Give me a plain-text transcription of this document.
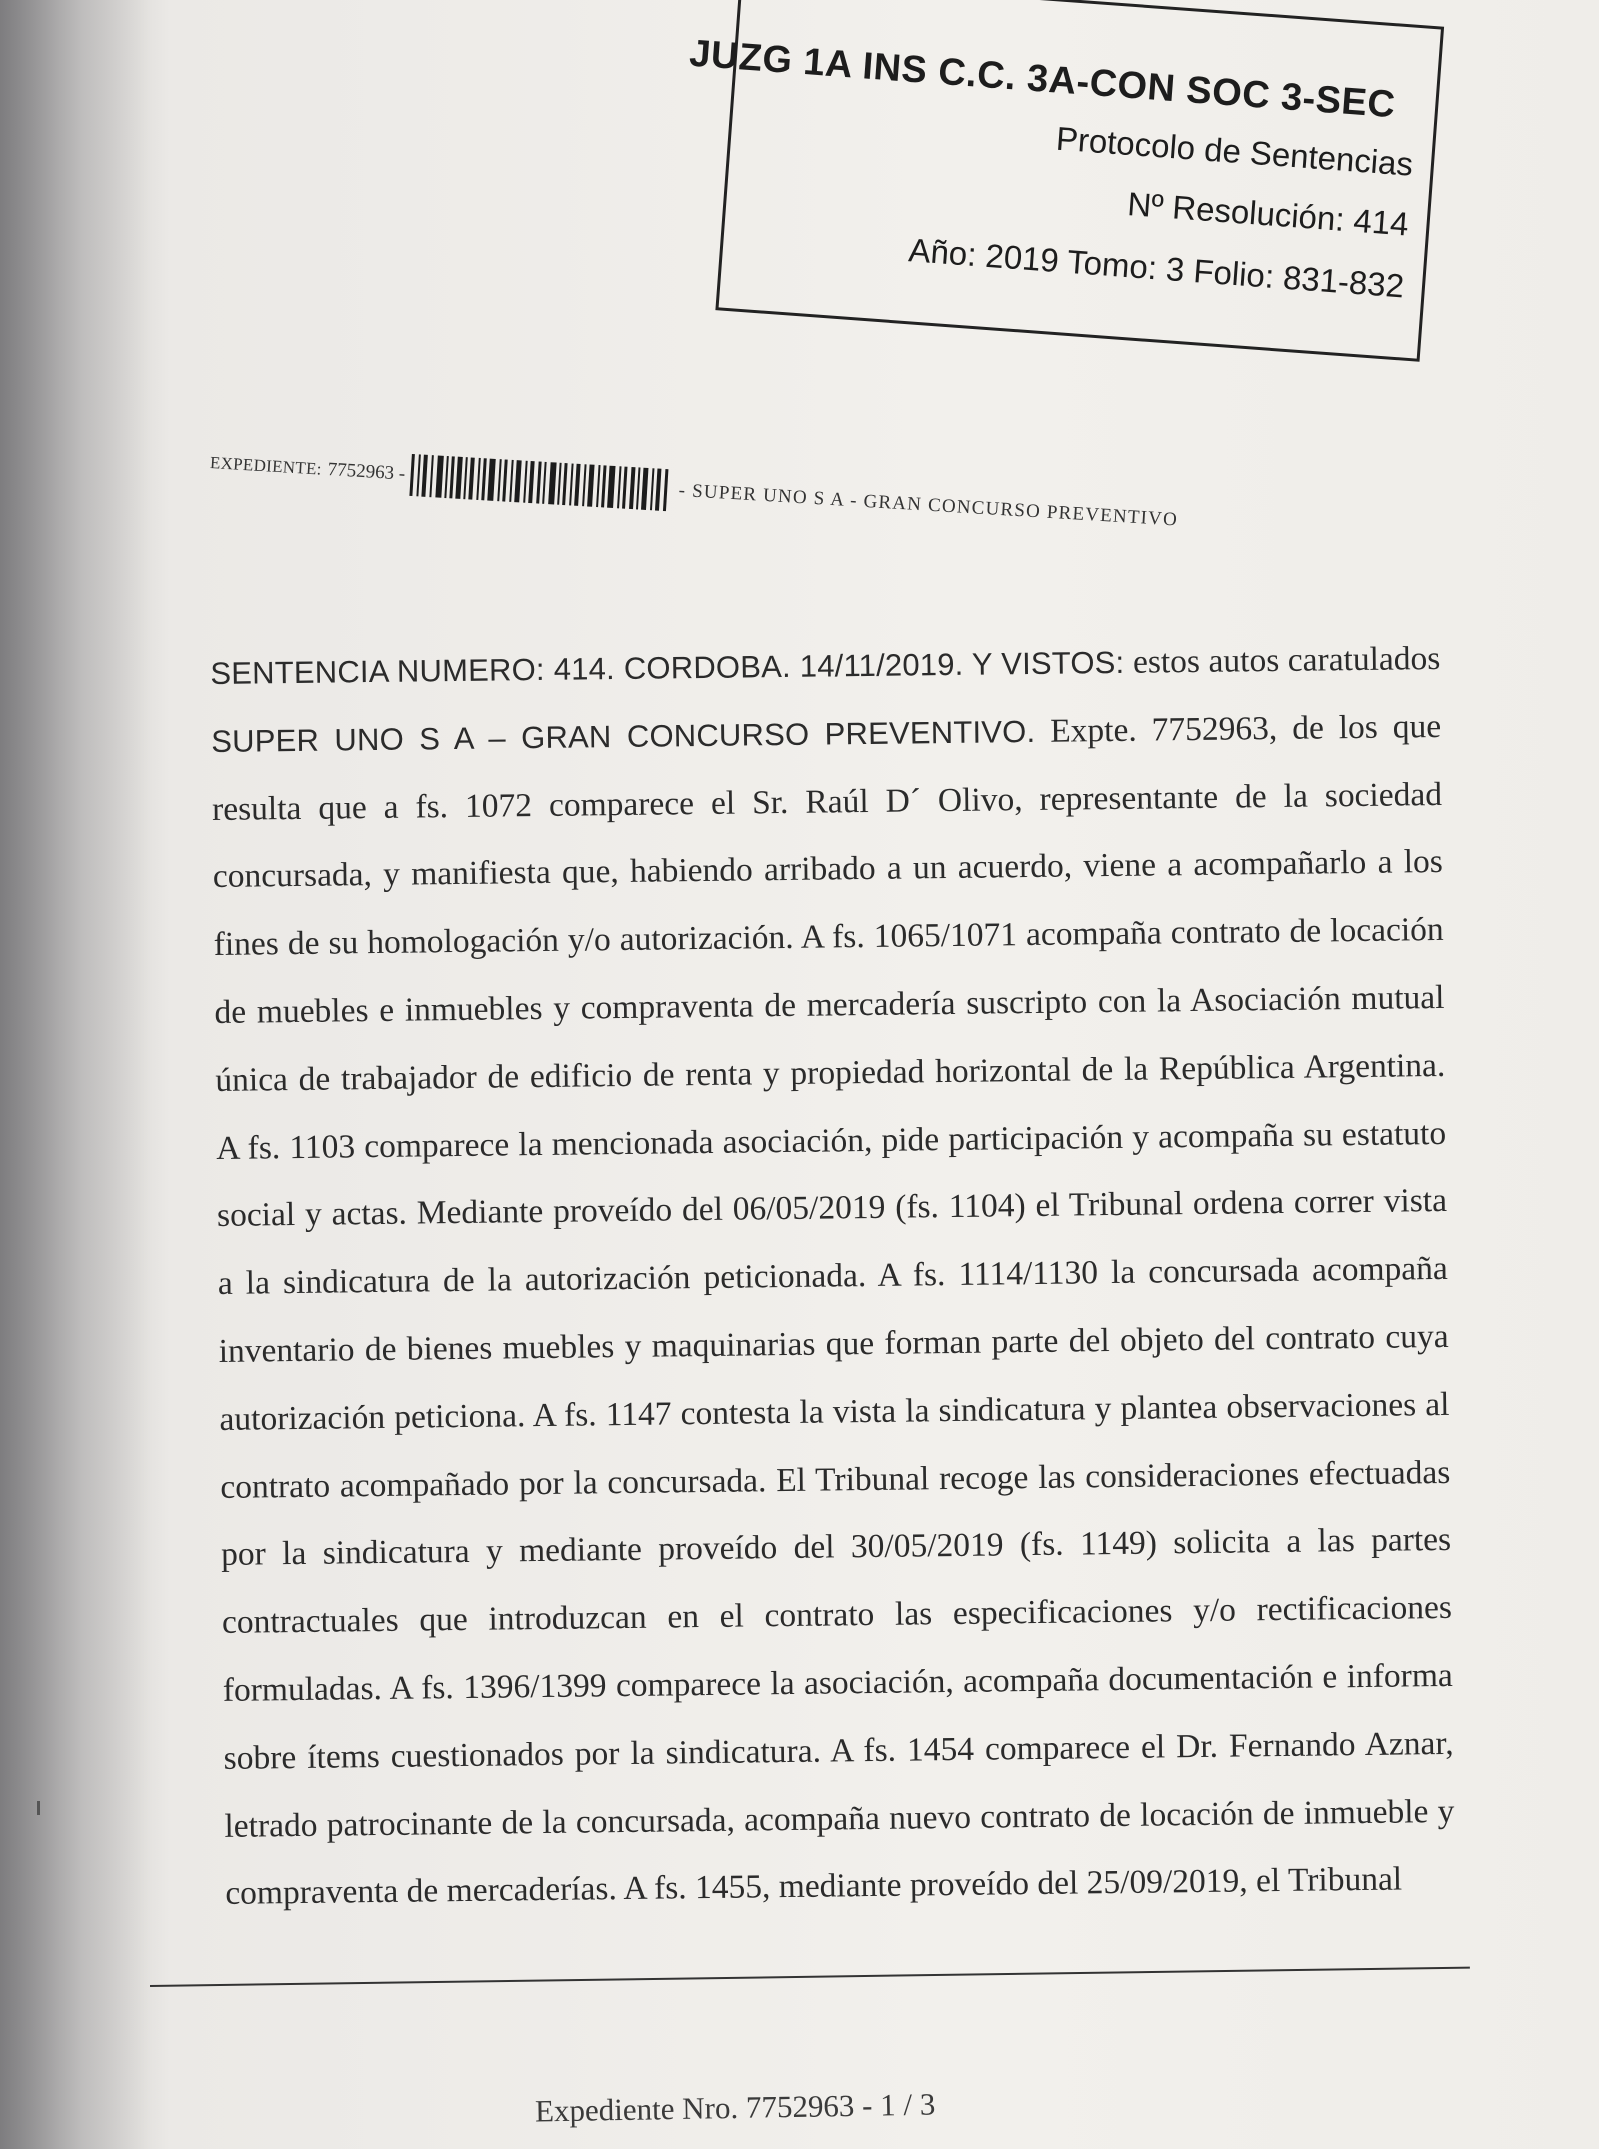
JUZG 1A INS C.C. 3A-CON SOC 3-SEC
Protocolo de Sentencias
Nº Resolución: 414
Año: 2019 Tomo: 3 Folio: 831-832
EXPEDIENTE: 7752963 -
- SUPER UNO S A - GRAN CONCURSO PREVENTIVO
SENTENCIA NUMERO: 414. CORDOBA. 14/11/2019. Y VISTOS: estos autos caratulados SUPER UNO S A – GRAN CONCURSO PREVENTIVO. Expte. 7752963, de los que resulta que a fs. 1072 comparece el Sr. Raúl D´ Olivo, representante de la sociedad concursada, y manifiesta que, habiendo arribado a un acuerdo, viene a acompañarlo a los fines de su homologación y/o autorización. A fs. 1065/1071 acompaña contrato de locación de muebles e inmuebles y compraventa de mercadería suscripto con la Asociación mutual única de trabajador de edificio de renta y propiedad horizontal de la República Argentina. A fs. 1103 comparece la mencionada asociación, pide participación y acompaña su estatuto social y actas. Mediante proveído del 06/05/2019 (fs. 1104) el Tribunal ordena correr vista a la sindicatura de la autorización peticionada. A fs. 1114/1130 la concursada acompaña inventario de bienes muebles y maquinarias que forman parte del objeto del contrato cuya autorización peticiona. A fs. 1147 contesta la vista la sindicatura y plantea observaciones al contrato acompañado por la concursada. El Tribunal recoge las consideraciones efectuadas por la sindicatura y mediante proveído del 30/05/2019 (fs. 1149) solicita a las partes contractuales que introduzcan en el contrato las especificaciones y/o rectificaciones formuladas. A fs. 1396/1399 comparece la asociación, acompaña documentación e informa sobre ítems cuestionados por la sindicatura. A fs. 1454 comparece el Dr. Fernando Aznar, letrado patrocinante de la concursada, acompaña nuevo contrato de locación de inmueble y compraventa de mercaderías. A fs. 1455, mediante proveído del 25/09/2019, el Tribunal
Expediente Nro. 7752963 - 1 / 3
